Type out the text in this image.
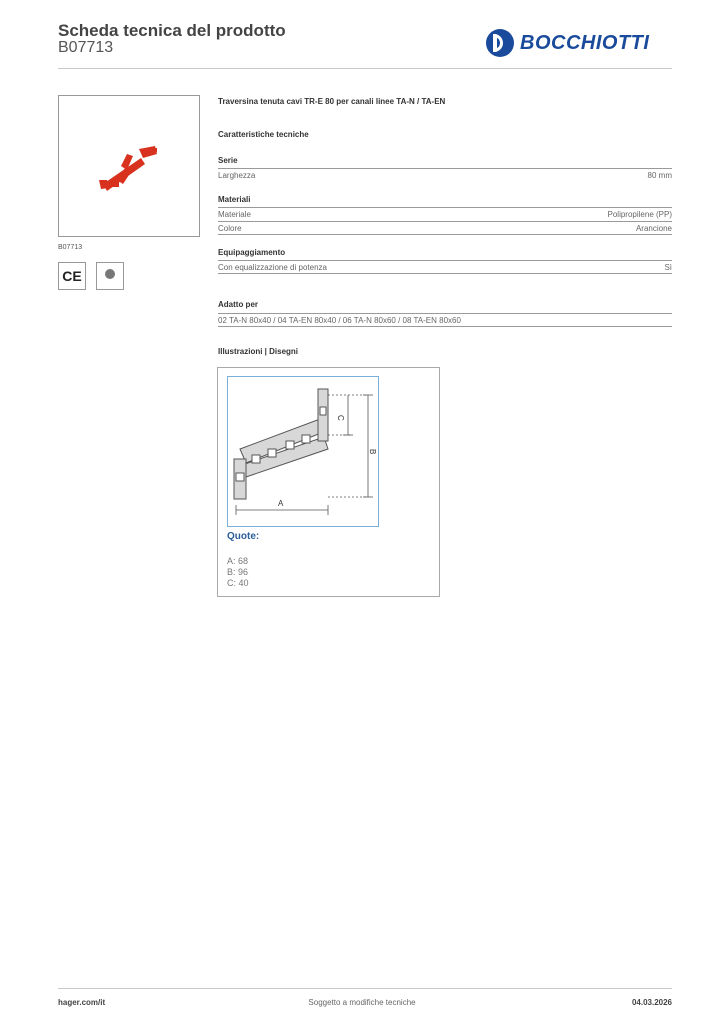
Scheda tecnica del prodotto
B07713	BOCCHIOTTI
B07713
CE
Traversina tenuta cavi TR-E 80 per canali linee TA-N / TA-EN
Caratteristiche tecniche
Serie
Larghezza	80 mm
Materiali
Materiale	Polipropilene (PP)
Colore	Arancione
Equipaggiamento
Con equalizzazione di potenza	Sì
Adatto per
02 TA-N 80x40 / 04 TA-EN 80x40 / 06 TA-N 80x60 / 08 TA-EN 80x60
Illustrazioni | Disegni
A
B
C
Quote:
A: 68
B: 96
C: 40
hager.com/it	Soggetto a modifiche tecniche	04.03.2026
